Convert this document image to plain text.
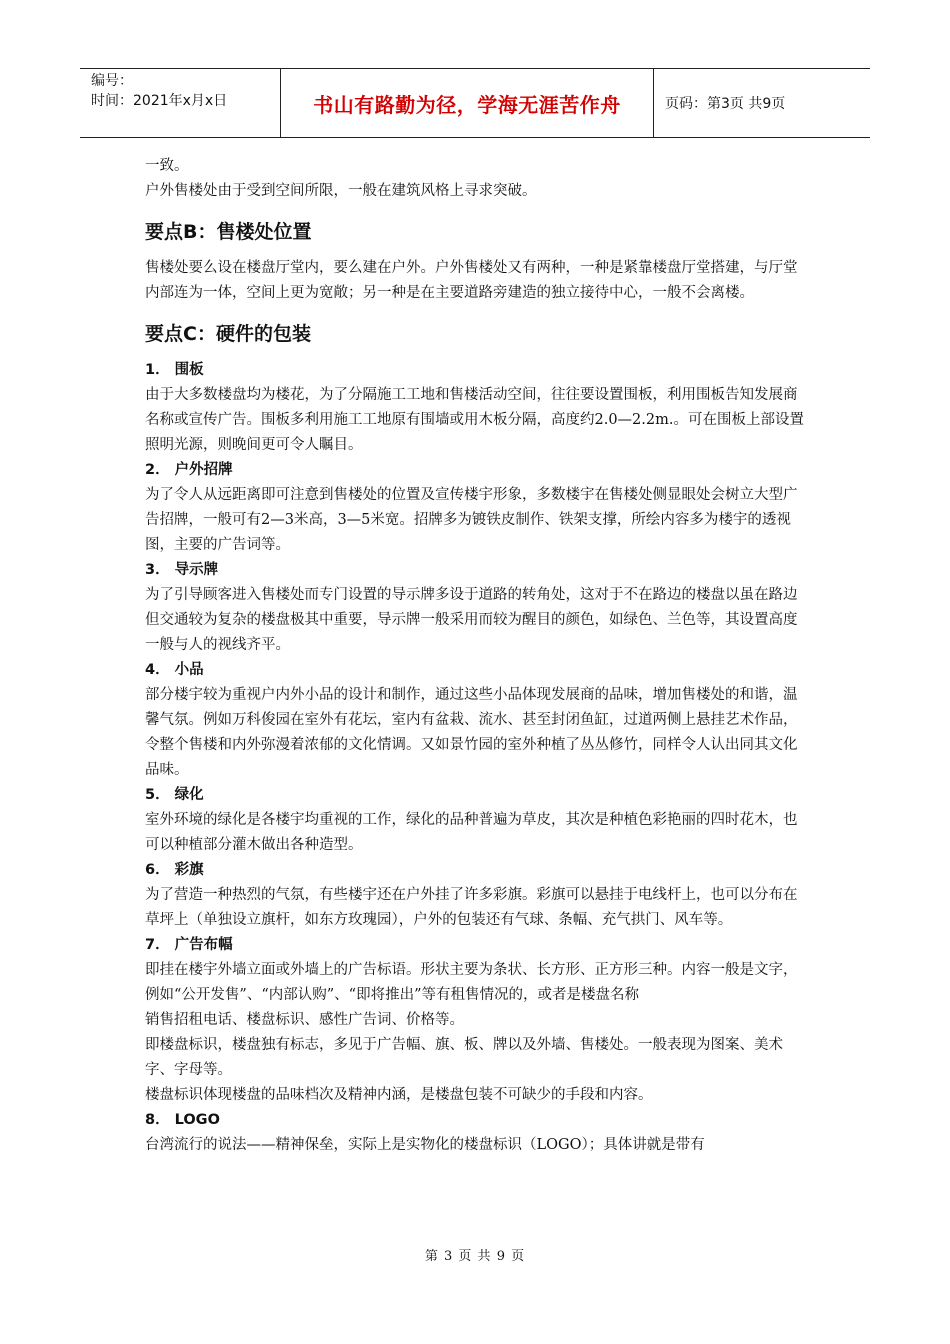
编号：
时间：2021年x月x日	书山有路勤为径，学海无涯苦作舟	页码：第3页 共9页

一致。

户外售楼处由于受到空间所限，一般在建筑风格上寻求突破。

要点B：售楼处位置

售楼处要么设在楼盘厅堂内，要么建在户外。户外售楼处又有两种，一种是紧靠楼盘厅堂搭建，与厅堂内部连为一体，空间上更为宽敞；另一种是在主要道路旁建造的独立接待中心，一般不会离楼。

要点C：硬件的包装
1． 围板

由于大多数楼盘均为楼花，为了分隔施工工地和售楼活动空间，往往要设置围板，利用围板告知发展商名称或宣传广告。围板多利用施工工地原有围墙或用木板分隔，高度约2.0—2.2m.。可在围板上部设置照明光源，则晚间更可令人瞩目。

2． 户外招牌

为了令人从远距离即可注意到售楼处的位置及宣传楼宇形象，多数楼宇在售楼处侧显眼处会树立大型广告招牌，一般可有2—3米高，3—5米宽。招牌多为镀铁皮制作、铁架支撑，所绘内容多为楼宇的透视图，主要的广告词等。

3． 导示牌

为了引导顾客进入售楼处而专门设置的导示牌多设于道路的转角处，这对于不在路边的楼盘以虽在路边但交通较为复杂的楼盘极其中重要，导示牌一般采用而较为醒目的颜色，如绿色、兰色等，其设置高度一般与人的视线齐平。

4． 小品

部分楼宇较为重视户内外小品的设计和制作，通过这些小品体现发展商的品味，增加售楼处的和谐，温馨气氛。例如万科俊园在室外有花坛，室内有盆栽、流水、甚至封闭鱼缸，过道两侧上悬挂艺术作品，令整个售楼和内外弥漫着浓郁的文化情调。又如景竹园的室外种植了丛丛修竹，同样令人认出同其文化品味。

5． 绿化

室外环境的绿化是各楼宇均重视的工作，绿化的品种普遍为草皮，其次是种植色彩艳丽的四时花木，也可以种植部分灌木做出各种造型。

6． 彩旗

为了营造一种热烈的气氛，有些楼宇还在户外挂了许多彩旗。彩旗可以悬挂于电线杆上，也可以分布在草坪上（单独设立旗杆，如东方玫瑰园），户外的包装还有气球、条幅、充气拱门、风车等。

7． 广告布幅

即挂在楼宇外墙立面或外墙上的广告标语。形状主要为条状、长方形、正方形三种。内容一般是文字，例如“公开发售”、“内部认购”、“即将推出”等有租售情况的，或者是楼盘名称

销售招租电话、楼盘标识、感性广告词、价格等。

即楼盘标识，楼盘独有标志，多见于广告幅、旗、板、牌以及外墙、售楼处。一般表现为图案、美术字、字母等。

楼盘标识体现楼盘的品味档次及精神内涵，是楼盘包装不可缺少的手段和内容。

8． LOGO

台湾流行的说法——精神保垒，实际上是实物化的楼盘标识（LOGO）；具体讲就是带有

第 3 页 共 9 页
